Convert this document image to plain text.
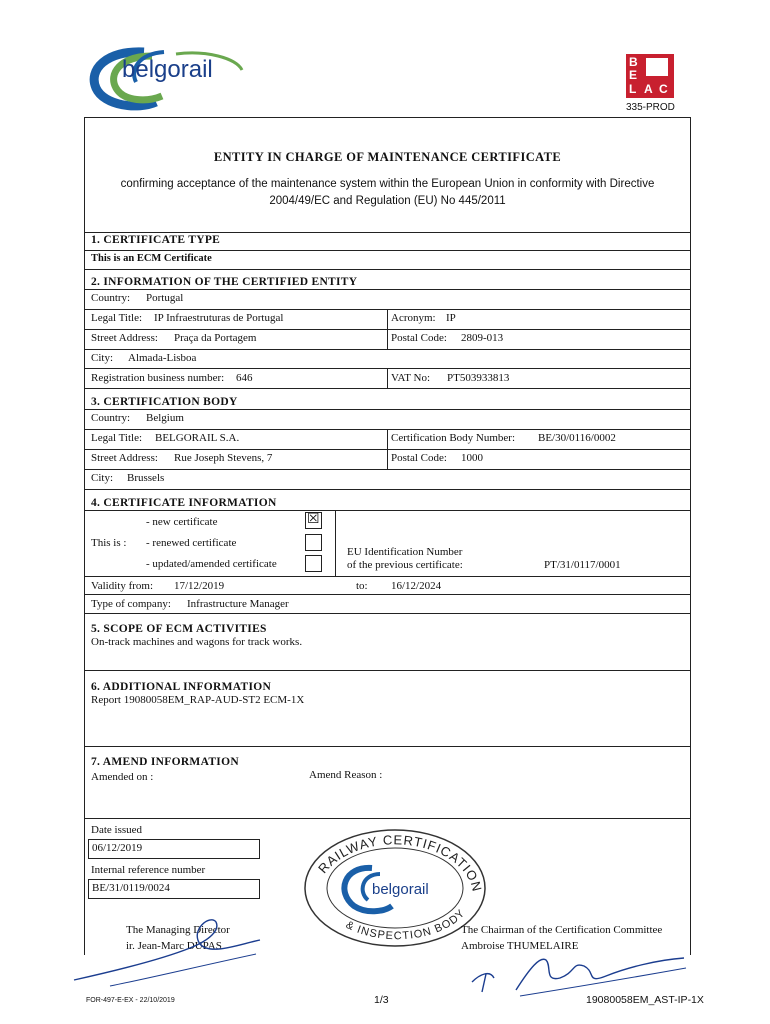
belgorail	B
E
L A C
335-PROD
ENTITY IN CHARGE OF MAINTENANCE CERTIFICATE
confirming acceptance of the maintenance system within the European Union in conformity with Directive
2004/49/EC and Regulation (EU) No 445/2011
1. CERTIFICATE TYPE
This is an ECM Certificate
2. INFORMATION OF THE CERTIFIED ENTITY
Country: Portugal
Legal Title: IP Infraestruturas de Portugal	Acronym: IP
Street Address: Praça da Portagem	Postal Code: 2809-013
City: Almada-Lisboa
Registration business number: 646	VAT No: PT503933813
3. CERTIFICATION BODY
Country: Belgium
Legal Title: BELGORAIL S.A.	Certification Body Number: BE/30/0116/0002
Street Address: Rue Joseph Stevens, 7	Postal Code: 1000
City: Brussels
4. CERTIFICATE INFORMATION
- new certificate	☒
This is : - renewed certificate
- updated/amended certificate
EU Identification Number
of the previous certificate:	PT/31/0117/0001
Validity from: 17/12/2019	to: 16/12/2024
Type of company: Infrastructure Manager
5. SCOPE OF ECM ACTIVITIES
On-track machines and wagons for track works.
6. ADDITIONAL INFORMATION
Report 19080058EM_RAP-AUD-ST2 ECM-1X
7. AMEND INFORMATION
Amended on :	Amend Reason :
Date issued
06/12/2019
Internal reference number
BE/31/0119/0024
RAILWAY CERTIFICATION
& INSPECTION BODY
belgorail
The Managing Director
ir. Jean-Marc DUPAS
The Chairman of the Certification Committee
Ambroise THUMELAIRE
FOR-497-E-EX - 22/10/2019	1/3	19080058EM_AST-IP-1X
